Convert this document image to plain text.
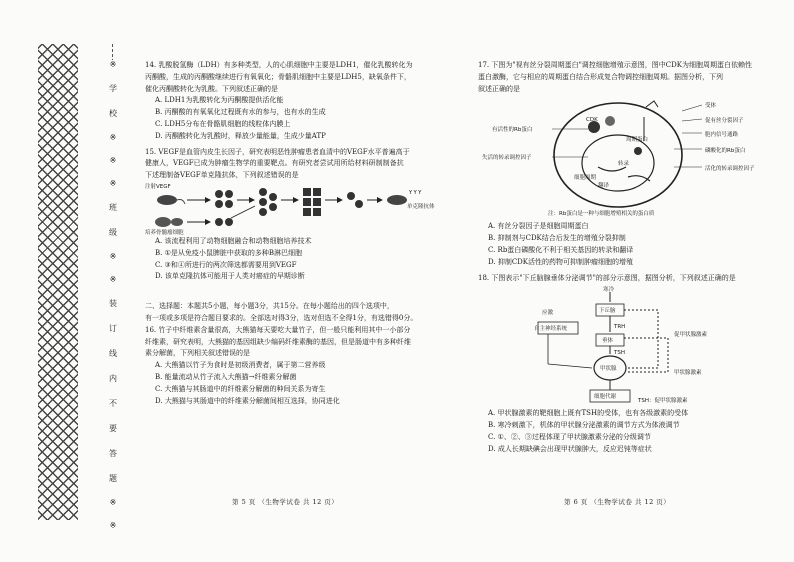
※
学
校
※
※
※
班
级
※
※
装
订
线
内
不
要
答
题
※
※

14. 乳酸脱氢酶（LDH）有多种类型，人的心肌细胞中主要是LDH1，催化乳酸转化为

丙酮酸，生成的丙酮酸继续进行有氧氧化；骨骼肌细胞中主要是LDH5，缺氧条件下，

催化丙酮酸转化为乳酸。下列叙述正确的是

A. LDH1为乳酸转化为丙酮酸提供活化能

B. 丙酮酸的有氧氧化过程既有水的参与，也有水的生成

C. LDH5分布在骨骼肌细胞的线粒体内膜上

D. 丙酮酸转化为乳酸时，释放少量能量，生成少量ATP

15. VEGF是血管内皮生长因子，研究表明恶性肿瘤患者血清中的VEGF水平普遍高于

健康人，VEGF已成为肿瘤生物学的重要靶点。有研究者尝试用所给材料研制制备抗

下述理制备VEGF单克隆抗体，下列叙述错误的是

Y Y Y
注射VEGF
单克隆抗体
培养骨髓瘤细胞

A. 该流程利用了动物细胞融合和动物细胞培养技术

B. ①是从免疫小鼠脾脏中获取的多种B淋巴细胞

C. ③和④所进行的两次筛选都需要用到VEGF

D. 该单克隆抗体可能用于人类对癌症的早期诊断

二、选择题：本题共5小题，每小题3分，共15分。在每小题给出的四个选项中，

有一项或多项是符合题目要求的。全部选对得3分，选对但选不全得1分，有选错得0分。

16. 竹子中纤维素含量很高，大熊猫每天要吃大量竹子，但一般只能利用其中一小部分

纤维素，研究表明，大熊猫的基因组缺少编码纤维素酶的基因，但是肠道中有多种纤维

素分解菌，下列相关叙述错误的是

A. 大熊猫以竹子为食时是初级消费者，属于第二营养级

B. 能量流动从竹子流入大熊猫→纤维素分解菌

C. 大熊猫与其肠道中的纤维素分解菌的种间关系为寄生

D. 大熊猫与其肠道中的纤维素分解菌间相互选择，协同进化

第 5 页 （生物学试卷 共 12 页）

17. 下图为"视有丝分裂周期蛋白"调控细胞增殖示意图，图中CDK为细胞周期蛋白依赖性

蛋白激酶，它与相应的周期蛋白结合形成复合物调控细胞周期。据图分析，下列

叙述正确的是

受体
促有丝分裂因子
胞内信号通路
磷酸化的Rb蛋白
活化的转录调控因子
有活性的Rb蛋白
失活的转录调控因子
细胞周期
CDK
周期蛋白
转录
翻译
注：Rb蛋白是一种与细胞增殖相关的蛋白质

A. 有丝分裂因子是细胞周期蛋白

B. 抑制剂与CDK结合后发生的增殖分裂抑制

C. Rb蛋白磷酸化不利于相关基因的转录和翻译

D. 抑制CDK活性的药物可抑制肿瘤细胞的增殖

18. 下图表示"下丘脑腺垂体分泌调节"的部分示意图，据图分析，下列叙述正确的是

寒冷
下丘脑
TRH
垂体
TSH
甲状腺
细胞代谢
自主神经系统
应激
促甲状腺激素
甲状腺激素
TSH：促甲状腺激素

A. 甲状腺激素的靶细胞上既有TSH的受体，也有各级激素的受体

B. 寒冷刺激下，机体的甲状腺分泌激素的调节方式为体液调节

C. ①、②、③过程体现了甲状腺激素分泌的分级调节

D. 成人长期缺碘会出现甲状腺肿大，反应迟钝等症状

第 6 页 （生物学试卷 共 12 页）
